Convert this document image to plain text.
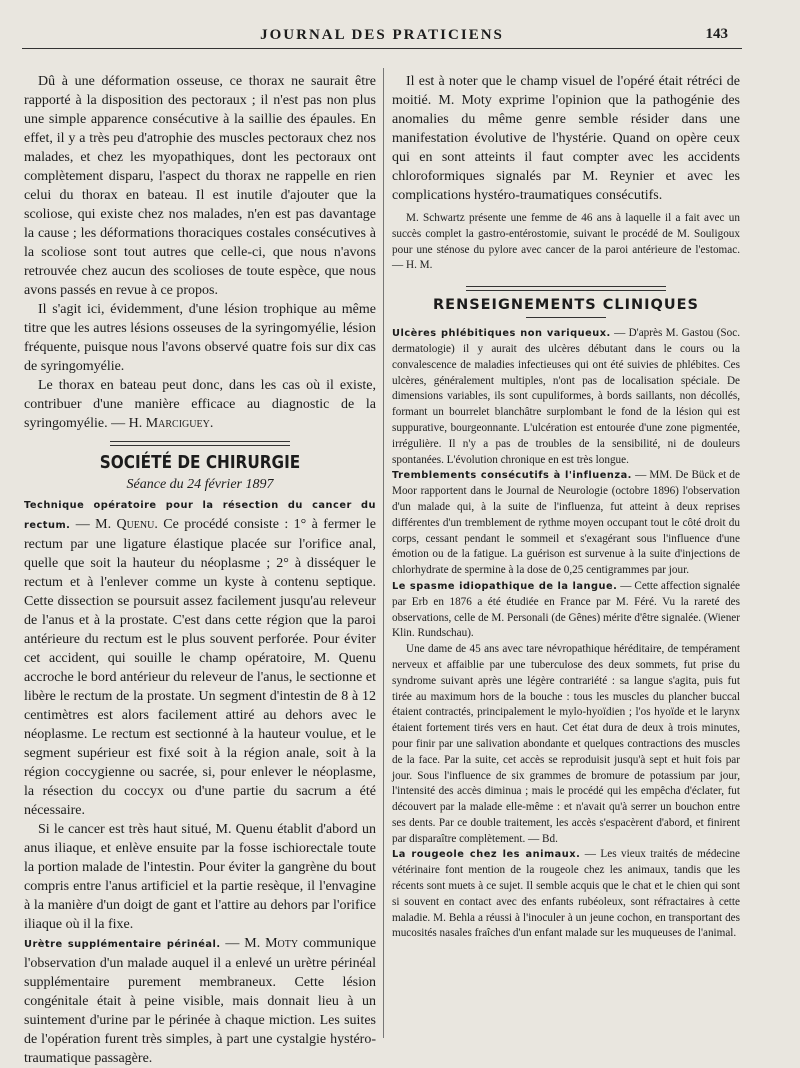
JOURNAL DES PRATICIENS	143

Dû à une déformation osseuse, ce thorax ne saurait être rapporté à la disposition des pectoraux ; il n'est pas non plus une simple apparence consécutive à la saillie des épaules. En effet, il y a très peu d'atrophie des muscles pectoraux chez nos malades, et chez les myopathiques, dont les pectoraux ont complètement disparu, l'aspect du thorax ne rappelle en rien celui du thorax en bateau. Il est inutile d'ajouter que la scoliose, qui existe chez nos malades, n'en est pas davantage la cause ; les déformations thoraciques costales consécutives à la scoliose sont tout autres que celle-ci, que nous n'avons retrouvée chez aucun des scolioses de toute espèce, que nous avons passés en revue à ce propos.

Il s'agit ici, évidemment, d'une lésion trophique au même titre que les autres lésions osseuses de la syringomyélie, lésion fréquente, puisque nous l'avons observé quatre fois sur dix cas de syringomyélie.

Le thorax en bateau peut donc, dans les cas où il existe, contribuer d'une manière efficace au diagnostic de la syringomyélie. — H. Marciguey.

SOCIÉTÉ DE CHIRURGIE
Séance du 24 février 1897

Technique opératoire pour la résection du cancer du rectum. — M. Quenu. Ce procédé consiste : 1° à fermer le rectum par une ligature élastique placée sur l'orifice anal, quelle que soit la hauteur du néoplasme ; 2° à disséquer le rectum et à l'enlever comme un kyste à contenu septique. Cette dissection se poursuit assez facilement jusqu'au releveur de l'anus et à la prostate. C'est dans cette région que la paroi antérieure du rectum est le plus souvent perforée. Pour éviter cet accident, qui souille le champ opératoire, M. Quenu accroche le bord antérieur du releveur de l'anus, le sectionne et libère le rectum de la prostate. Un segment d'intestin de 8 à 12 centimètres est alors facilement attiré au dehors avec le néoplasme. Le rectum est sectionné à la hauteur voulue, et le segment supérieur est fixé soit à la région anale, soit à la région coccygienne ou sacrée, si, pour enlever le néoplasme, la résection du coccyx ou d'une partie du sacrum a été nécessaire.

Si le cancer est très haut situé, M. Quenu établit d'abord un anus iliaque, et enlève ensuite par la fosse ischiorectale toute la portion malade de l'intestin. Pour éviter la gangrène du bout compris entre l'anus artificiel et la partie resèque, il l'envagine à la manière d'un doigt de gant et l'attire au dehors par l'orifice iliaque où il la fixe.

Urètre supplémentaire périnéal. — M. Moty communique l'observation d'un malade auquel il a enlevé un urètre périnéal supplémentaire purement membraneux. Cette lésion congénitale était à peine visible, mais donnait lieu à un suintement d'urine par le périnée à chaque miction. Les suites de l'opération furent très simples, à part une cystalgie hystéro-traumatique passagère.

Il est à noter que le champ visuel de l'opéré était rétréci de moitié. M. Moty exprime l'opinion que la pathogénie des anomalies du même genre semble résider dans une manifestation évolutive de l'hystérie. Quand on opère ceux qui en sont atteints il faut compter avec les accidents chloroformiques signalés par M. Reynier et avec les complications hystéro-traumatiques consécutifs.

M. Schwartz présente une femme de 46 ans à laquelle il a fait avec un succès complet la gastro-entérostomie, suivant le procédé de M. Souligoux pour une sténose du pylore avec cancer de la paroi antérieure de l'estomac. — H. M.

RENSEIGNEMENTS CLINIQUES

Ulcères phlébitiques non variqueux. — D'après M. Gastou (Soc. dermatologie) il y aurait des ulcères débutant dans le cours ou la convalescence de maladies infectieuses qui ont été suivies de phlébites. Ces ulcères, généralement multiples, n'ont pas de localisation spéciale. De dimensions variables, ils sont cupuliformes, à bords saillants, non décollés, formant un bourrelet blanchâtre surplombant le fond de la lésion qui est suppurative, bourgeonnante. L'ulcération est entourée d'une zone pigmentée, irrégulière. Il n'y a pas de troubles de la sensibilité, ni de douleurs spontanées. L'évolution chronique en est très longue.

Tremblements consécutifs à l'influenza. — MM. De Bück et de Moor rapportent dans le Journal de Neurologie (octobre 1896) l'observation d'un malade qui, à la suite de l'influenza, fut atteint à deux reprises différentes d'un tremblement de rythme moyen occupant tout le côté droit du corps, cessant pendant le sommeil et s'exagérant sous l'influence d'une émotion ou de la fatigue. La guérison est survenue à la suite d'injections de chlorhydrate de spermine à la dose de 0,25 centigrammes par jour.

Le spasme idiopathique de la langue. — Cette affection signalée par Erb en 1876 a été étudiée en France par M. Féré. Vu la rareté des observations, celle de M. Personali (de Gênes) mérite d'être signalée. (Wiener Klin. Rundschau).

Une dame de 45 ans avec tare névropathique héréditaire, de tempérament nerveux et affaiblie par une tuberculose des deux sommets, fut prise du syndrome suivant après une légère contrariété : sa langue s'agita, puis fut tirée au maximum hors de la bouche : tous les muscles du plancher buccal étaient contractés, principalement le mylo-hyoïdien ; l'os hyoïde et le larynx étaient fortement tirés vers en haut. Cet état dura de deux à trois minutes, pour finir par une salivation abondante et quelques contractions des muscles de la face. Par la suite, cet accès se reproduisit jusqu'à sept et huit fois par jour. Sous l'influence de six grammes de bromure de potassium par jour, l'intensité des accès diminua ; mais le procédé qui les empêcha d'éclater, fut découvert par la malade elle-même : et n'avait qu'à serrer un bouchon entre ses dents. Par ce double traitement, les accès s'espacèrent d'abord, et finirent par disparaître complètement. — Bd.

La rougeole chez les animaux. — Les vieux traités de médecine vétérinaire font mention de la rougeole chez les animaux, tandis que les récents sont muets à ce sujet. Il semble acquis que le chat et le chien qui sont si souvent en contact avec des enfants rubéoleux, sont réfractaires à cette maladie. M. Behla a réussi à l'inoculer à un jeune cochon, en transportant des mucosités nasales fraîches d'un enfant malade sur les muqueuses de l'animal.
